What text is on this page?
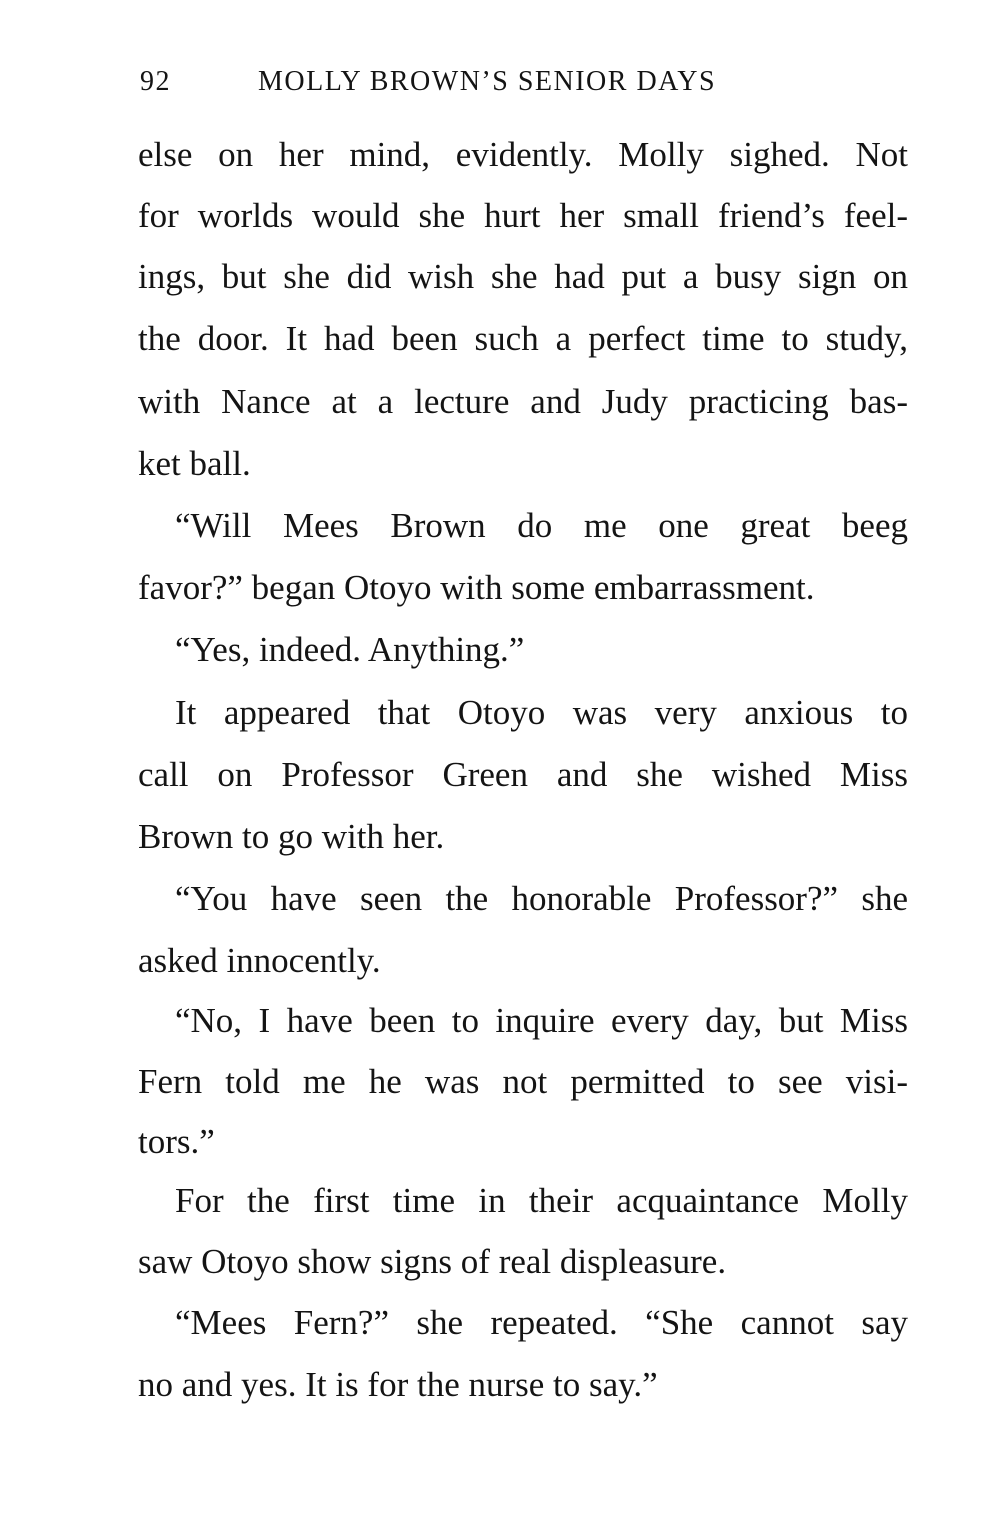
92	MOLLY BROWN’S SENIOR DAYS
else on her mind, evidently. Molly sighed. Not
for worlds would she hurt her small friend’s feel-
ings, but she did wish she had put a busy sign on
the door. It had been such a perfect time to study,
with Nance at a lecture and Judy practicing bas-
ket ball.
“Will Mees Brown do me one great beeg
favor?” began Otoyo with some embarrassment.
“Yes, indeed. Anything.”
It appeared that Otoyo was very anxious to
call on Professor Green and she wished Miss
Brown to go with her.
“You have seen the honorable Professor?” she
asked innocently.
“No, I have been to inquire every day, but Miss
Fern told me he was not permitted to see visi-
tors.”
For the first time in their acquaintance Molly
saw Otoyo show signs of real displeasure.
“Mees Fern?” she repeated. “She cannot say
no and yes. It is for the nurse to say.”
